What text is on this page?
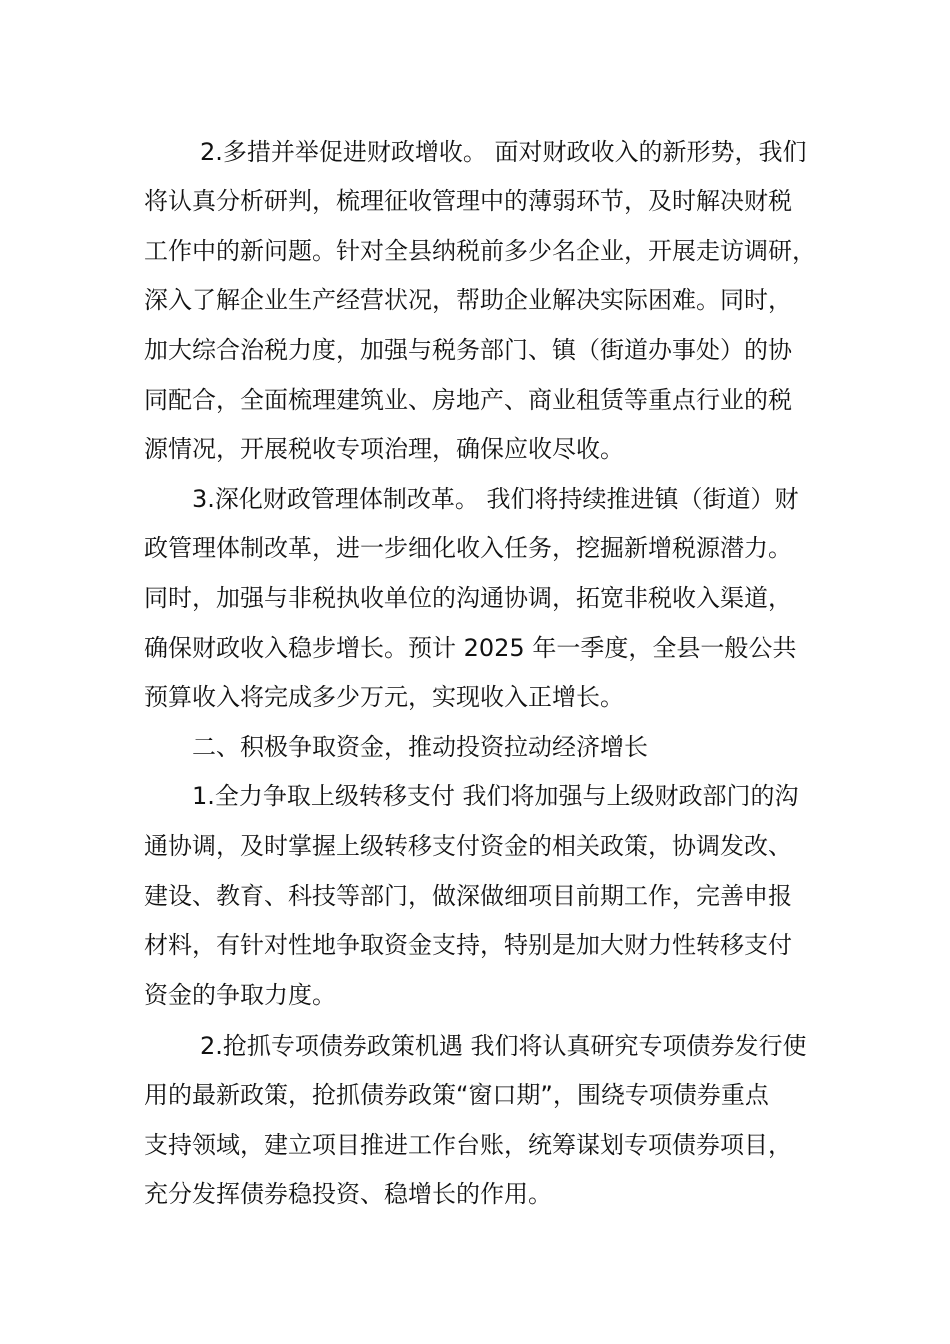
2.多措并举促进财政增收。 面对财政收入的新形势，我们
将认真分析研判，梳理征收管理中的薄弱环节，及时解决财税
工作中的新问题。针对全县纳税前多少名企业，开展走访调研，
深入了解企业生产经营状况，帮助企业解决实际困难。同时，
加大综合治税力度，加强与税务部门、镇（街道办事处）的协
同配合，全面梳理建筑业、房地产、商业租赁等重点行业的税
源情况，开展税收专项治理，确保应收尽收。
3.深化财政管理体制改革。 我们将持续推进镇（街道）财
政管理体制改革，进一步细化收入任务，挖掘新增税源潜力。
同时，加强与非税执收单位的沟通协调，拓宽非税收入渠道，
确保财政收入稳步增长。预计 2025 年一季度，全县一般公共
预算收入将完成多少万元，实现收入正增长。
二、积极争取资金，推动投资拉动经济增长
1.全力争取上级转移支付 我们将加强与上级财政部门的沟
通协调，及时掌握上级转移支付资金的相关政策，协调发改、
建设、教育、科技等部门，做深做细项目前期工作，完善申报
材料，有针对性地争取资金支持，特别是加大财力性转移支付
资金的争取力度。
2.抢抓专项债券政策机遇 我们将认真研究专项债券发行使
用的最新政策，抢抓债券政策“窗口期”，围绕专项债券重点
支持领域，建立项目推进工作台账，统筹谋划专项债券项目，
充分发挥债券稳投资、稳增长的作用。
